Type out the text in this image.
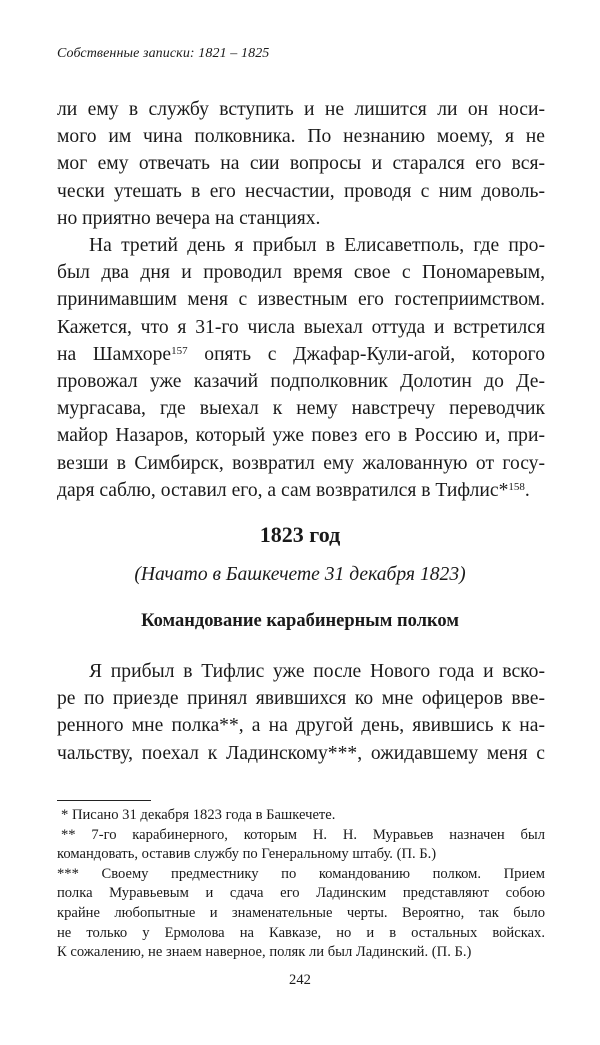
Собственные записки: 1821 – 1825

ли ему в службу вступить и не лишится ли он носи-
мого им чина полковника. По незнанию моему, я не
мог ему отвечать на сии вопросы и старался его вся-
чески утешать в его несчастии, проводя с ним доволь-
но приятно вечера на станциях.

На третий день я прибыл в Елисаветполь, где про-
был два дня и проводил время свое с Пономаревым,
принимавшим меня с известным его гостеприимством.
Кажется, что я 31-го числа выехал оттуда и встретился
на Шамхоре$^{157}$ опять с Джафар-Кули-агой, которого
провожал уже казачий подполковник Долотин до Де-
мургасава, где выехал к нему навстречу переводчик
майор Назаров, который уже повез его в Россию и, при-
везши в Симбирск, возвратил ему жалованную от госу-
даря саблю, оставил его, а сам возвратился в Тифлис*$^{158}$.

1823 год
(Начато в Башкечете 31 декабря 1823)
Командование карабинерным полком

Я прибыл в Тифлис уже после Нового года и вско-
ре по приезде принял явившихся ко мне офицеров вве-
ренного мне полка**, а на другой день, явившись к на-
чальству, поехал к Ладинскому***, ожидавшему меня с

* Писано 31 декабря 1823 года в Башкечете.

** 7-го карабинерного, которым Н. Н. Муравьев назначен был
командовать, оставив службу по Генеральному штабу. (П. Б.)

*** Своему предместнику по командованию полком. Прием
полка Муравьевым и сдача его Ладинским представляют собою
крайне любопытные и знаменательные черты. Вероятно, так было
не только у Ермолова на Кавказе, но и в остальных войсках.
К сожалению, не знаем наверное, поляк ли был Ладинский. (П. Б.)

242
